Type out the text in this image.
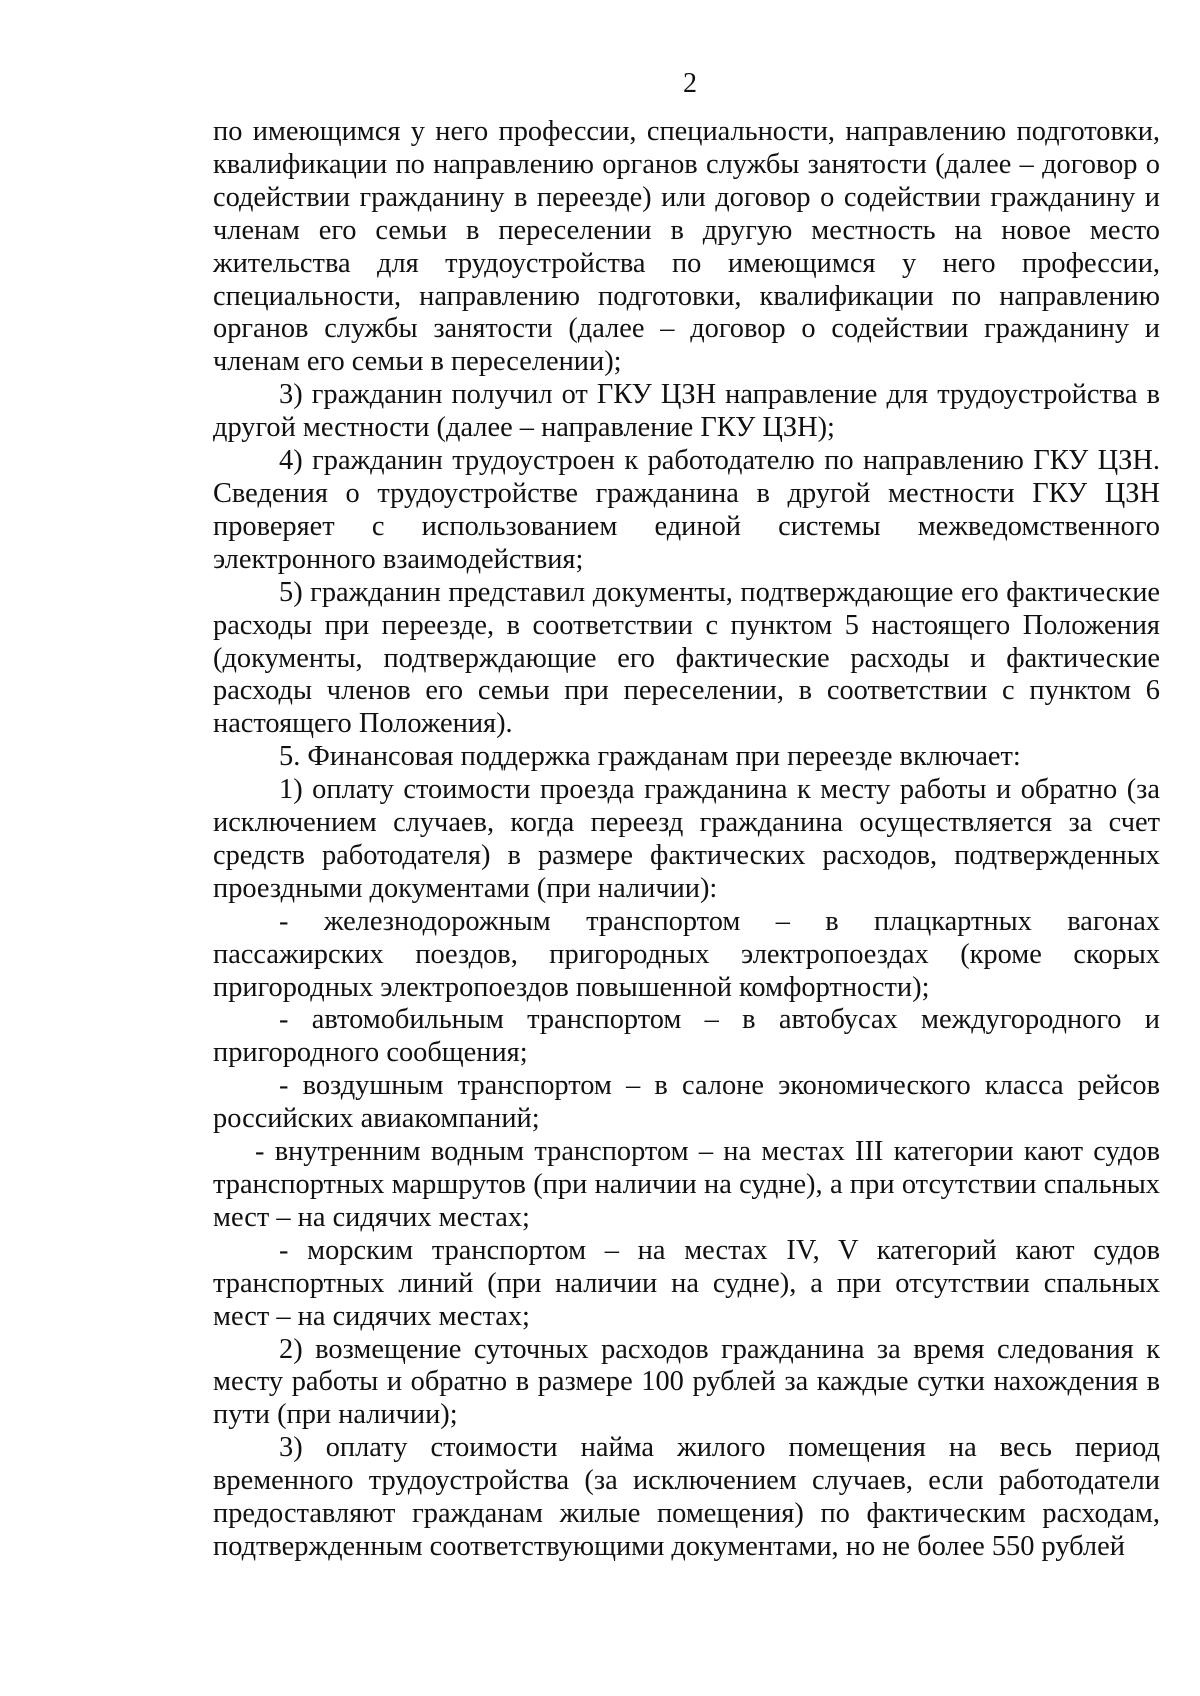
2

по имеющимся у него профессии, специальности, направлению подготовки, квалификации по направлению органов службы занятости (далее – договор о содействии гражданину в переезде) или договор о содействии гражданину и членам его семьи в переселении в другую местность на новое место жительства для трудоустройства по имеющимся у него профессии, специальности, направлению подготовки, квалификации по направлению органов службы занятости (далее – договор о содействии гражданину и членам его семьи в переселении);

3) гражданин получил от ГКУ ЦЗН направление для трудоустройства в другой местности (далее – направление ГКУ ЦЗН);

4) гражданин трудоустроен к работодателю по направлению ГКУ ЦЗН. Сведения о трудоустройстве гражданина в другой местности ГКУ ЦЗН проверяет с использованием единой системы межведомственного электронного взаимодействия;

5) гражданин представил документы, подтверждающие его фактические расходы при переезде, в соответствии с пунктом 5 настоящего Положения (документы, подтверждающие его фактические расходы и фактические расходы членов его семьи при переселении, в соответствии с пунктом 6 настоящего Положения).

5. Финансовая поддержка гражданам при переезде включает:

1) оплату стоимости проезда гражданина к месту работы и обратно (за исключением случаев, когда переезд гражданина осуществляется за счет средств работодателя) в размере фактических расходов, подтвержденных проездными документами (при наличии):

- железнодорожным транспортом – в плацкартных вагонах пассажирских поездов, пригородных электропоездах (кроме скорых пригородных электропоездов повышенной комфортности);

- автомобильным транспортом – в автобусах междугородного и пригородного сообщения;

- воздушным транспортом – в салоне экономического класса рейсов российских авиакомпаний;

- внутренним водным транспортом – на местах III категории кают судов транспортных маршрутов (при наличии на судне), а при отсутствии спальных мест – на сидячих местах;

- морским транспортом – на местах IV, V категорий кают судов транспортных линий (при наличии на судне), а при отсутствии спальных мест – на сидячих местах;

2) возмещение суточных расходов гражданина за время следования к месту работы и обратно в размере 100 рублей за каждые сутки нахождения в пути (при наличии);

3) оплату стоимости найма жилого помещения на весь период временного трудоустройства (за исключением случаев, если работодатели предоставляют гражданам жилые помещения) по фактическим расходам, подтвержденным соответствующими документами, но не более 550 рублей
